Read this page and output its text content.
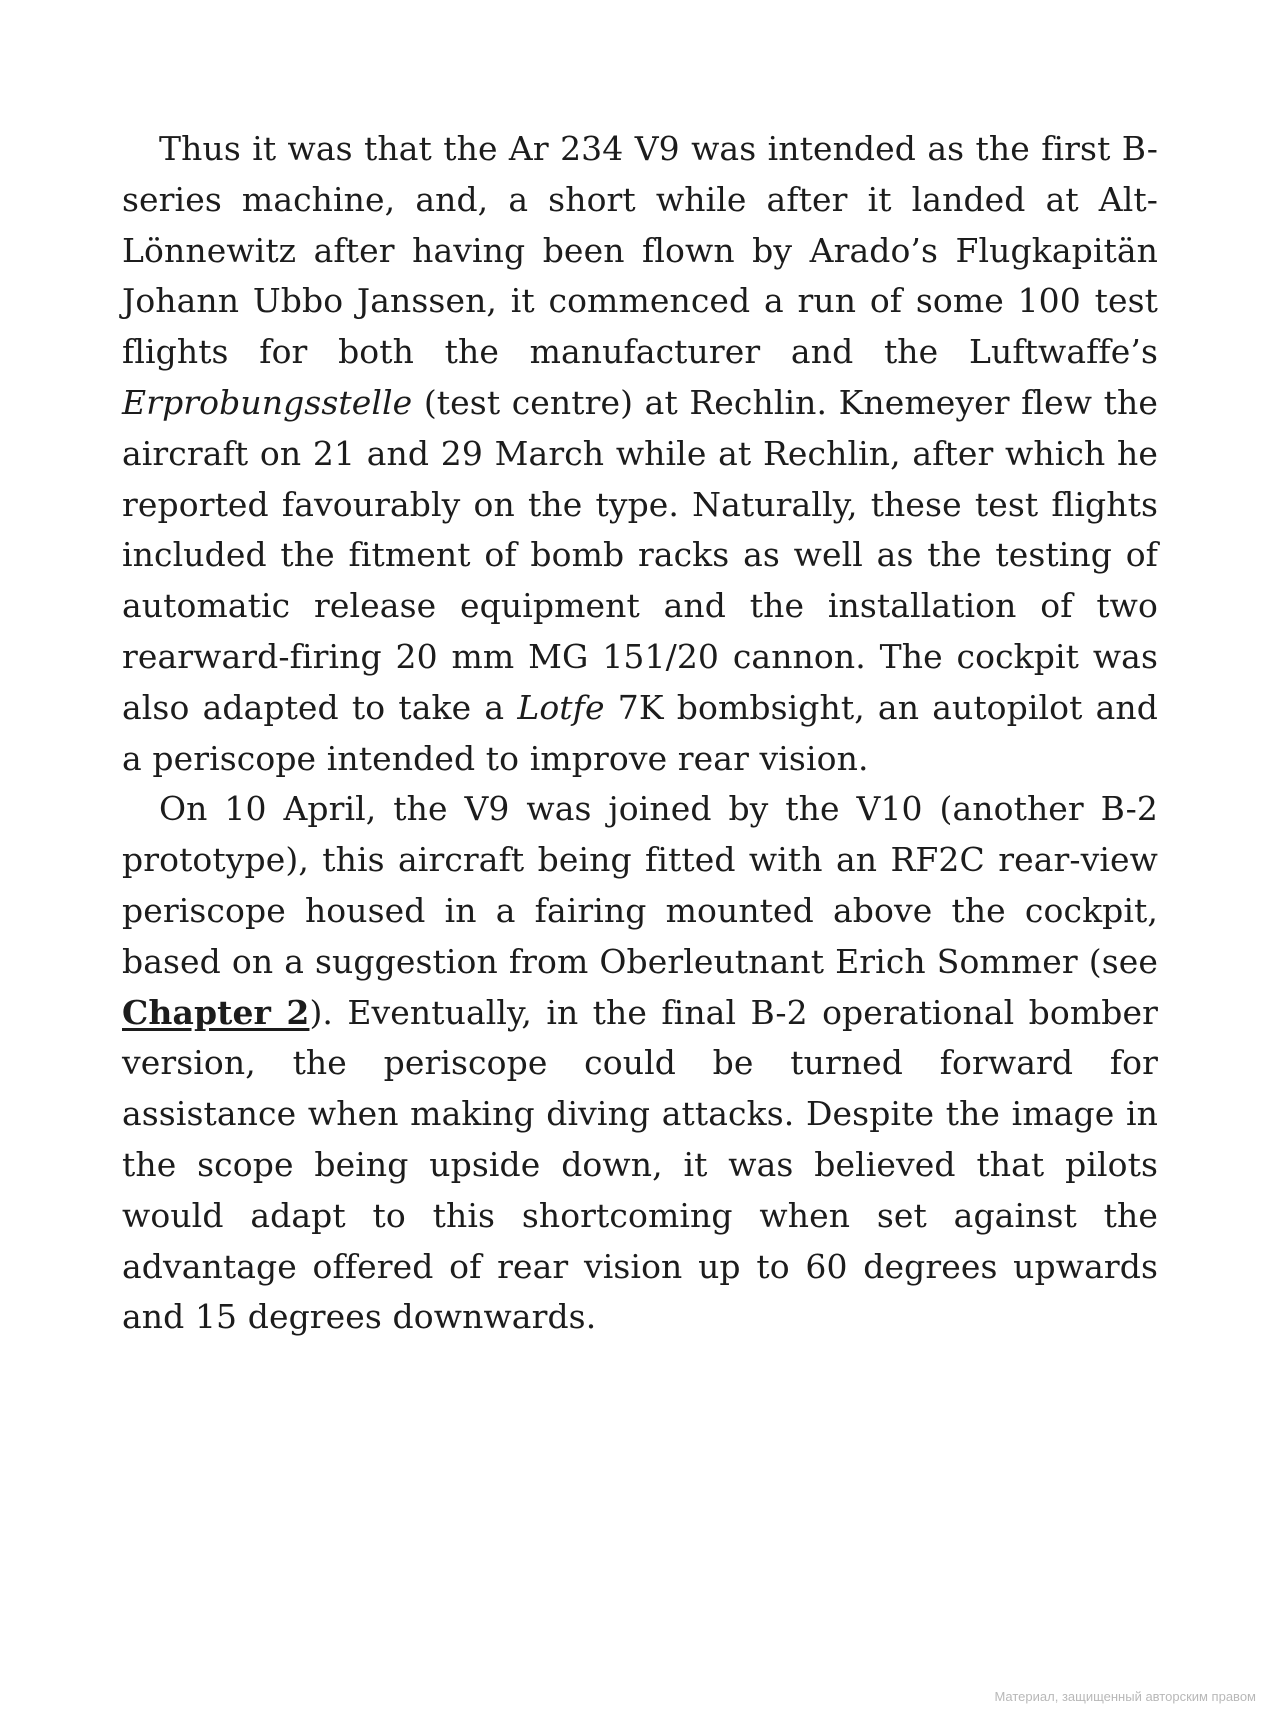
Thus it was that the Ar 234 V9 was intended as the first B-series machine, and, a short while after it landed at Alt-Lönnewitz after having been flown by Arado’s Flugkapitän Johann Ubbo Janssen, it commenced a run of some 100 test flights for both the manufacturer and the Luftwaffe’s Erprobungsstelle (test centre) at Rechlin. Knemeyer flew the aircraft on 21 and 29 March while at Rechlin, after which he reported favourably on the type. Naturally, these test flights included the fitment of bomb racks as well as the testing of automatic release equipment and the installation of two rearward-firing 20 mm MG 151/20 cannon. The cockpit was also adapted to take a Lotfe 7K bombsight, an autopilot and a periscope intended to improve rear vision.

On 10 April, the V9 was joined by the V10 (another B-2 prototype), this aircraft being fitted with an RF2C rear-view periscope housed in a fairing mounted above the cockpit, based on a suggestion from Oberleutnant Erich Sommer (see Chapter 2). Eventually, in the final B-2 operational bomber version, the periscope could be turned forward for assistance when making diving attacks. Despite the image in the scope being upside down, it was believed that pilots would adapt to this shortcoming when set against the advantage offered of rear vision up to 60 degrees upwards and 15 degrees downwards.

Материал, защищенный авторским правом
